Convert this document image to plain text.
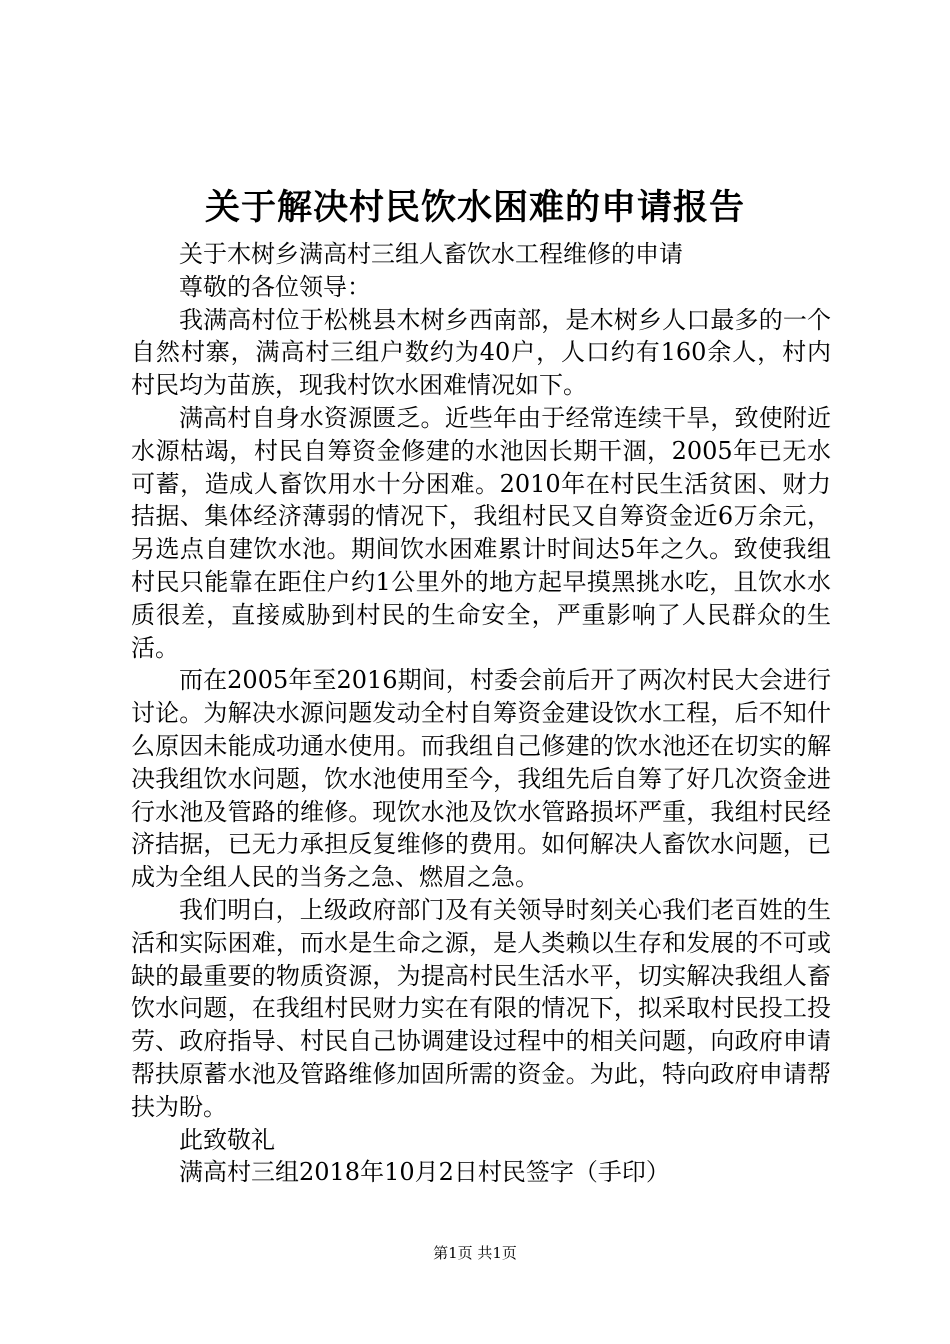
关于解决村民饮水困难的申请报告

关于木树乡满高村三组人畜饮水工程维修的申请

尊敬的各位领导：

我满高村位于松桃县木树乡西南部，是木树乡人口最多的一个自然村寨，满高村三组户数约为40户，人口约有160余人，村内村民均为苗族，现我村饮水困难情况如下。

满高村自身水资源匮乏。近些年由于经常连续干旱，致使附近水源枯竭，村民自筹资金修建的水池因长期干涸，2005年已无水可蓄，造成人畜饮用水十分困难。2010年在村民生活贫困、财力拮据、集体经济薄弱的情况下，我组村民又自筹资金近6万余元，另选点自建饮水池。期间饮水困难累计时间达5年之久。致使我组村民只能靠在距住户约1公里外的地方起早摸黑挑水吃，且饮水水质很差，直接威胁到村民的生命安全，严重影响了人民群众的生活。

而在2005年至2016期间，村委会前后开了两次村民大会进行讨论。为解决水源问题发动全村自筹资金建设饮水工程，后不知什么原因未能成功通水使用。而我组自己修建的饮水池还在切实的解决我组饮水问题，饮水池使用至今，我组先后自筹了好几次资金进行水池及管路的维修。现饮水池及饮水管路损坏严重，我组村民经济拮据，已无力承担反复维修的费用。如何解决人畜饮水问题，已成为全组人民的当务之急、燃眉之急。

我们明白，上级政府部门及有关领导时刻关心我们老百姓的生活和实际困难，而水是生命之源，是人类赖以生存和发展的不可或缺的最重要的物质资源，为提高村民生活水平，切实解决我组人畜饮水问题，在我组村民财力实在有限的情况下，拟采取村民投工投劳、政府指导、村民自己协调建设过程中的相关问题，向政府申请帮扶原蓄水池及管路维修加固所需的资金。为此，特向政府申请帮扶为盼。

此致敬礼

满高村三组2018年10月2日村民签字（手印）

第1页 共1页
